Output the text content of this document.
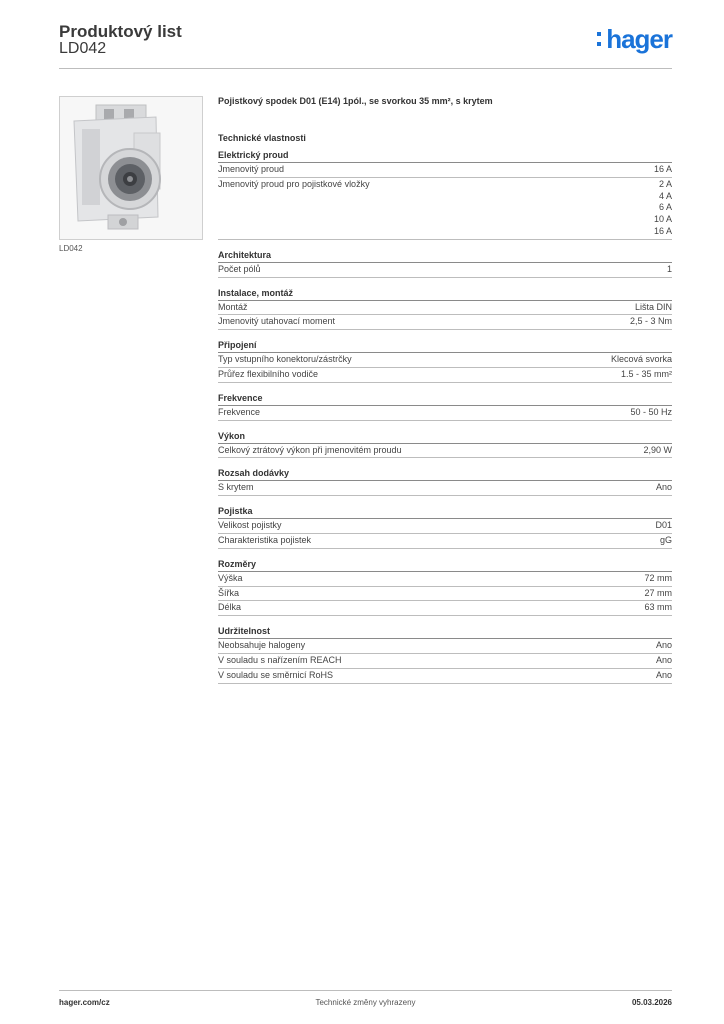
Produktový list
LD042	hager
LD042

Pojistkový spodek D01 (E14) 1pól., se svorkou 35 mm², s krytem

Technické vlastnosti

Elektrický proud
Jmenovitý proud	16 A
Jmenovitý proud pro pojistkové vložky	2 A
4 A
6 A
10 A
16 A
Architektura
Počet pólů	1
Instalace, montáž
Montáž	Lišta DIN
Jmenovitý utahovací moment	2,5 - 3 Nm
Připojení
Typ vstupního konektoru/zástrčky	Klecová svorka
Průřez flexibilního vodiče	1.5 - 35 mm²
Frekvence
Frekvence	50 - 50 Hz
Výkon
Celkový ztrátový výkon při jmenovitém proudu	2,90 W
Rozsah dodávky
S krytem	Ano
Pojistka
Velikost pojistky	D01
Charakteristika pojistek	gG
Rozměry
Výška	72 mm
Šířka	27 mm
Délka	63 mm
Udržitelnost
Neobsahuje halogeny	Ano
V souladu s nařízením REACH	Ano
V souladu se směrnicí RoHS	Ano
hager.com/cz	Technické změny vyhrazeny	05.03.2026
